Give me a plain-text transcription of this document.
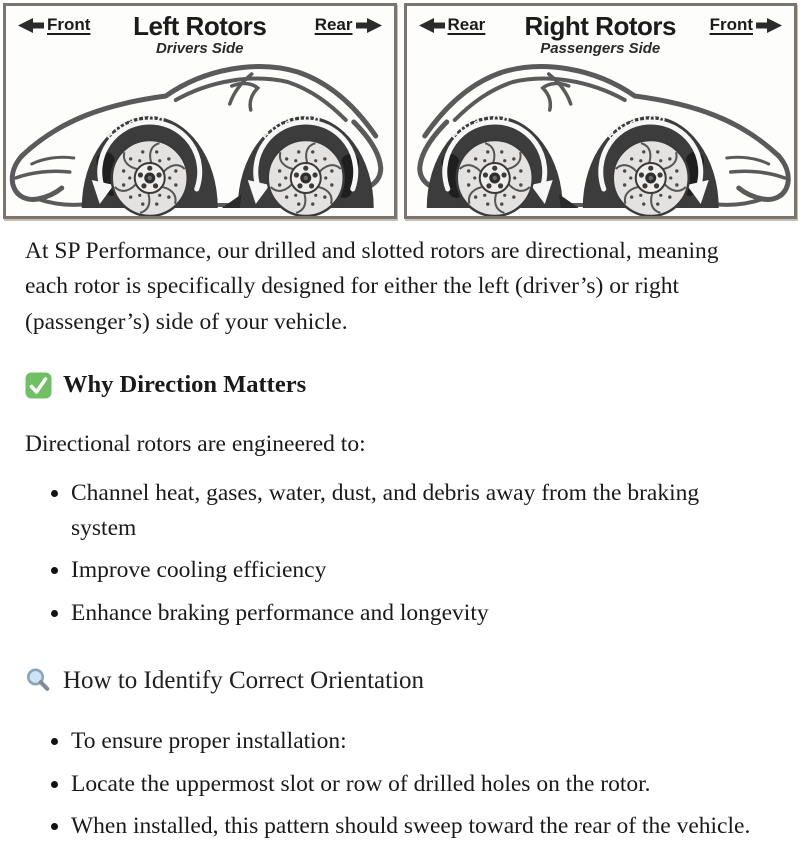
Front	Left Rotors
Drivers Side
Rear	Rear	Right Rotors
Passengers Side
Front

At SP Performance, our drilled and slotted rotors are directional, meaning each rotor is specifically designed for either the left (driver’s) or right (passenger’s) side of your vehicle.

Why Direction Matters

Directional rotors are engineered to:

• Channel heat, gases, water, dust, and debris away from the braking system
• Improve cooling efficiency
• Enhance braking performance and longevity
How to Identify Correct Orientation
• To ensure proper installation:
• Locate the uppermost slot or row of drilled holes on the rotor.
• When installed, this pattern should sweep toward the rear of the vehicle.
